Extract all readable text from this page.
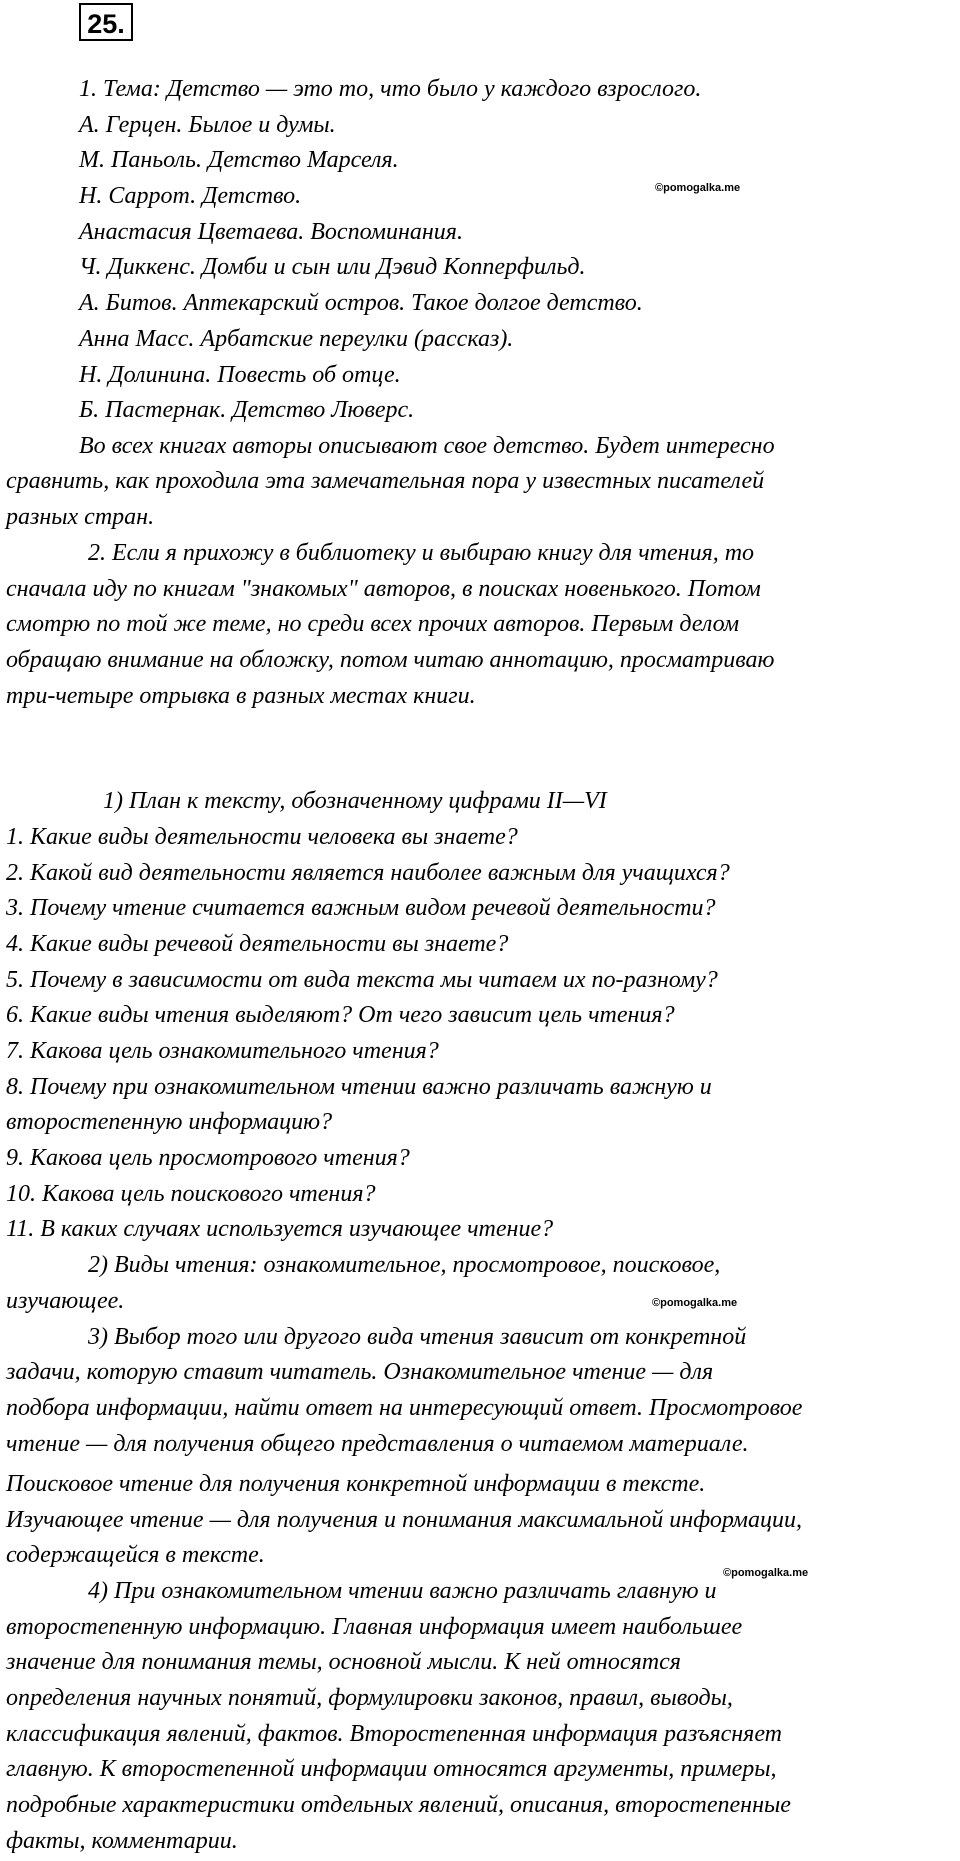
25.
©pomogalka.me
©pomogalka.me
©pomogalka.me
1. Тема: Детство — это то, что было у каждого взрослого.
А. Герцен. Былое и думы.
М. Паньоль. Детство Марселя.
Н. Саррот. Детство.
Анастасия Цветаева. Воспоминания.
Ч. Диккенс. Домби и сын или Дэвид Копперфильд.
А. Битов. Аптекарский остров. Такое долгое детство.
Анна Масс. Арбатские переулки (рассказ).
Н. Долинина. Повесть об отце.
Б. Пастернак. Детство Люверс.
Во всех книгах авторы описывают свое детство. Будет интересно
сравнить, как проходила эта замечательная пора у известных писателей
разных стран.
2. Если я прихожу в библиотеку и выбираю книгу для чтения, то
сначала иду по книгам "знакомых" авторов, в поисках новенького. Потом
смотрю по той же теме, но среди всех прочих авторов. Первым делом
обращаю внимание на обложку, потом читаю аннотацию, просматриваю
три-четыре отрывка в разных местах книги.
1) План к тексту, обозначенному цифрами II—VI
1. Какие виды деятельности человека вы знаете?
2. Какой вид деятельности является наиболее важным для учащихся?
3. Почему чтение считается важным видом речевой деятельности?
4. Какие виды речевой деятельности вы знаете?
5. Почему в зависимости от вида текста мы читаем их по-разному?
6. Какие виды чтения выделяют? От чего зависит цель чтения?
7. Какова цель ознакомительного чтения?
8. Почему при ознакомительном чтении важно различать важную и
второстепенную информацию?
9. Какова цель просмотрового чтения?
10. Какова цель поискового чтения?
11. В каких случаях используется изучающее чтение?
2) Виды чтения: ознакомительное, просмотровое, поисковое,
изучающее.
3) Выбор того или другого вида чтения зависит от конкретной
задачи, которую ставит читатель. Ознакомительное чтение — для
подбора информации, найти ответ на интересующий ответ. Просмотровое
чтение — для получения общего представления о читаемом материале.
Поисковое чтение для получения конкретной информации в тексте.
Изучающее чтение — для получения и понимания максимальной информации,
содержащейся в тексте.
4) При ознакомительном чтении важно различать главную и
второстепенную информацию. Главная информация имеет наибольшее
значение для понимания темы, основной мысли. К ней относятся
определения научных понятий, формулировки законов, правил, выводы,
классификация явлений, фактов. Второстепенная информация разъясняет
главную. К второстепенной информации относятся аргументы, примеры,
подробные характеристики отдельных явлений, описания, второстепенные
факты, комментарии.
